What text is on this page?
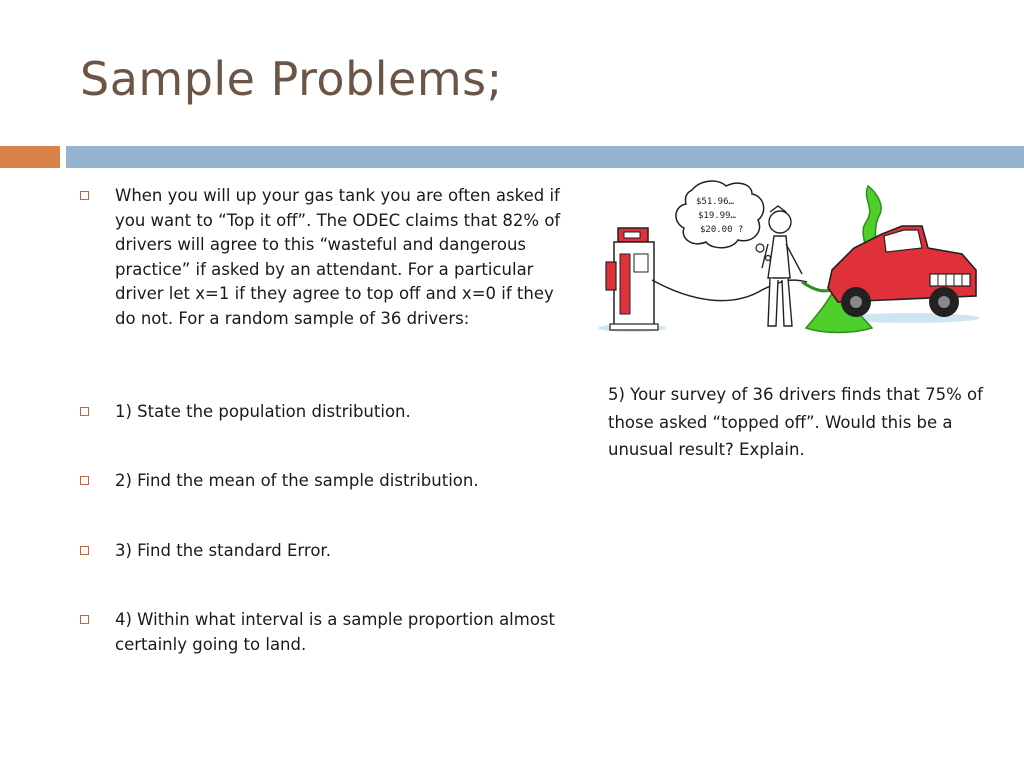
Sample Problems;
When you will up your gas tank you are often asked if you want to “Top it off”. The ODEC claims that 82% of drivers will agree to this “wasteful and dangerous practice” if asked by an attendant. For a particular driver let x=1 if they agree to top off and x=0 if they do not. For a random sample of 36 drivers:
1) State the population distribution.
2) Find the mean of the sample distribution.
3) Find the standard Error.
4) Within what interval is a sample proportion almost certainly going to land.
$51.96…
$19.99…
$20.00 ?
5) Your survey of 36 drivers finds that 75% of those asked “topped off”. Would this be a unusual result? Explain.
